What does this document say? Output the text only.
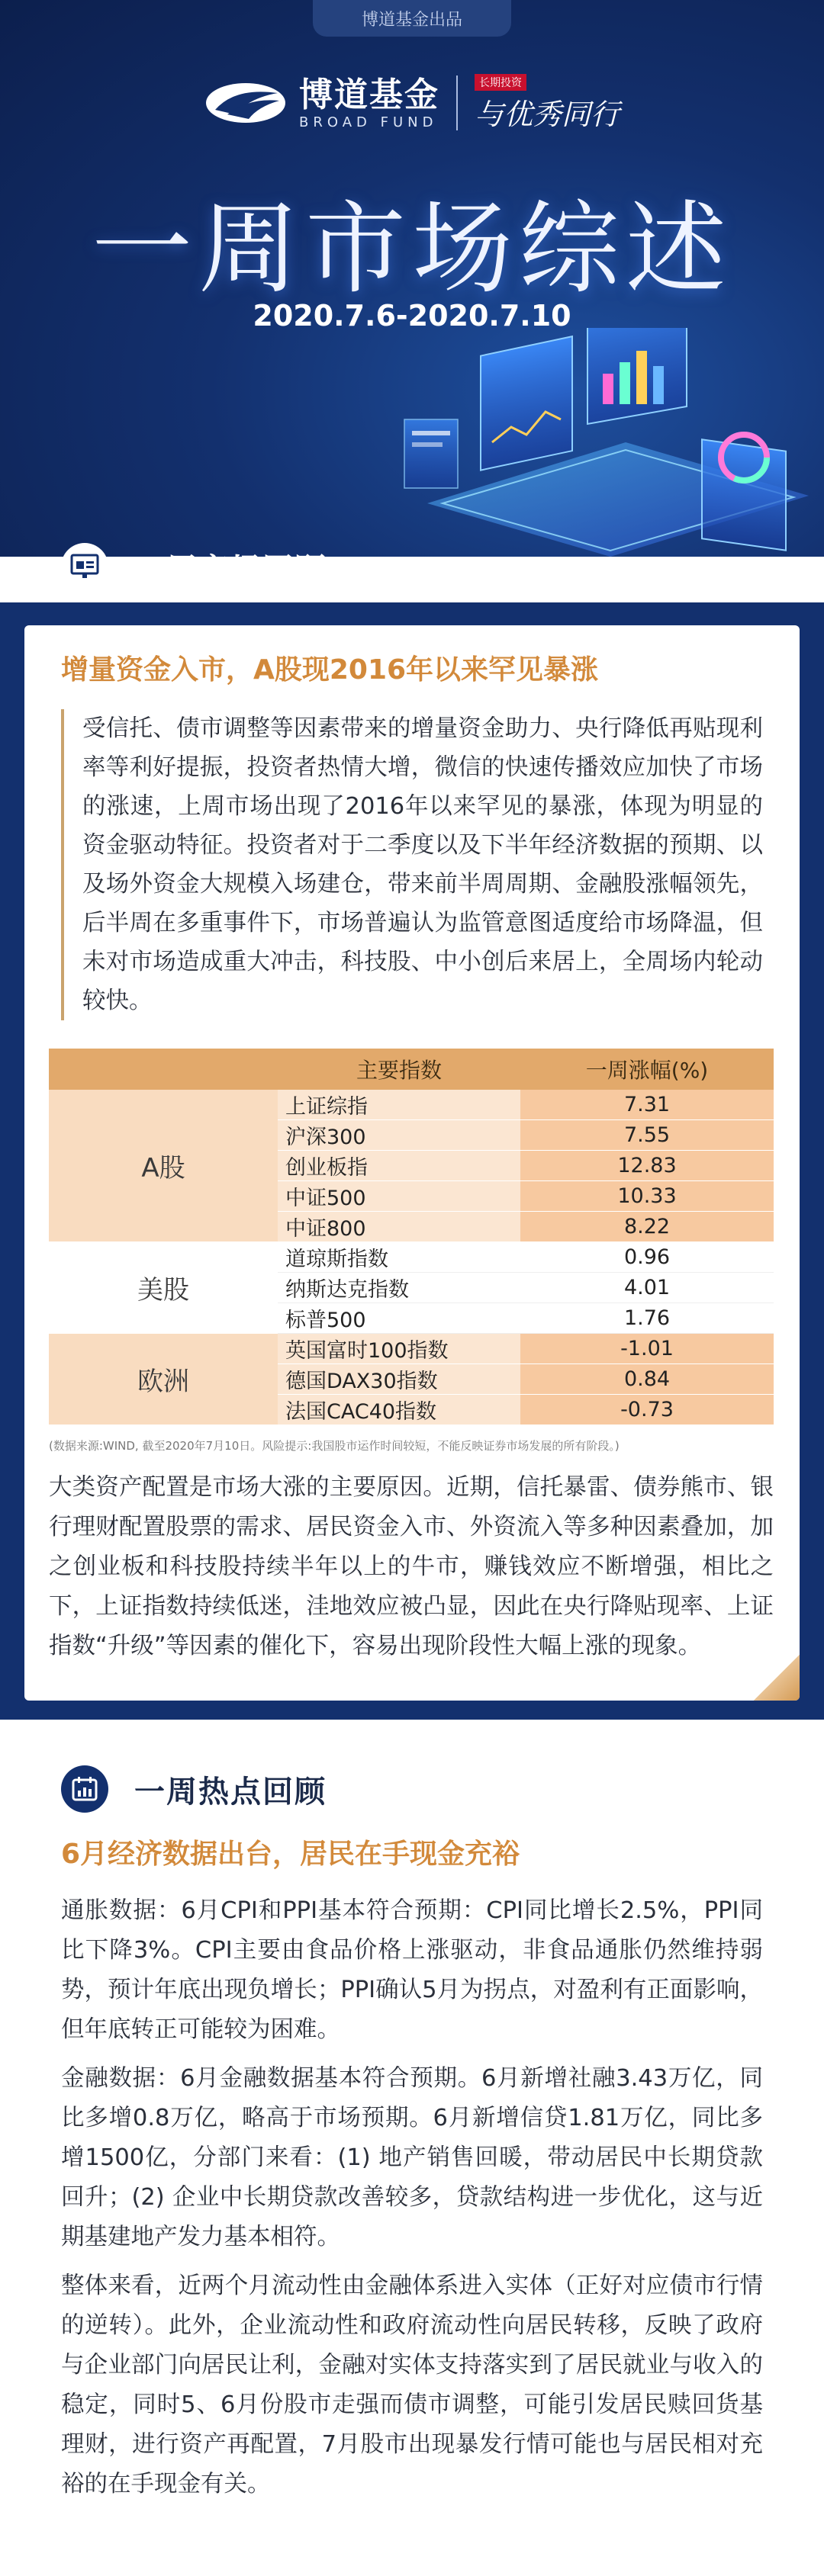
博道基金出品
博道基金
BROAD FUND
长期投资
与优秀同行
一周市场综述
2020.7.6-2020.7.10
一周市场回顾
增量资金入市，A股现2016年以来罕见暴涨
受信托、债市调整等因素带来的增量资金助力、央行降低再贴现利率等利好提振，投资者热情大增，微信的快速传播效应加快了市场的涨速，上周市场出现了2016年以来罕见的暴涨，体现为明显的资金驱动特征。投资者对于二季度以及下半年经济数据的预期、以及场外资金大规模入场建仓，带来前半周周期、金融股涨幅领先，后半周在多重事件下，市场普遍认为监管意图适度给市场降温，但未对市场造成重大冲击，科技股、中小创后来居上，全周场内轮动较快。
	主要指数	一周涨幅(%)
A股	上证综指	7.31
	沪深300	7.55
	创业板指	12.83
	中证500	10.33
	中证800	8.22
美股	道琼斯指数	0.96
	纳斯达克指数	4.01
	标普500	1.76
欧洲	英国富时100指数	-1.01
	德国DAX30指数	0.84
	法国CAC40指数	-0.73
(数据来源:WIND, 截至2020年7月10日。风险提示:我国股市运作时间较短，不能反映证券市场发展的所有阶段。)
大类资产配置是市场大涨的主要原因。近期，信托暴雷、债券熊市、银行理财配置股票的需求、居民资金入市、外资流入等多种因素叠加，加之创业板和科技股持续半年以上的牛市，赚钱效应不断增强，相比之下，上证指数持续低迷，洼地效应被凸显，因此在央行降贴现率、上证指数“升级”等因素的催化下，容易出现阶段性大幅上涨的现象。
一周热点回顾
6月经济数据出台，居民在手现金充裕
通胀数据：6月CPI和PPI基本符合预期：CPI同比增长2.5%，PPI同比下降3%。CPI主要由食品价格上涨驱动，非食品通胀仍然维持弱势，预计年底出现负增长；PPI确认5月为拐点，对盈利有正面影响，但年底转正可能较为困难。
金融数据：6月金融数据基本符合预期。6月新增社融3.43万亿，同比多增0.8万亿，略高于市场预期。6月新增信贷1.81万亿，同比多增1500亿，分部门来看：(1) 地产销售回暖，带动居民中长期贷款回升；(2) 企业中长期贷款改善较多，贷款结构进一步优化，这与近期基建地产发力基本相符。
整体来看，近两个月流动性由金融体系进入实体（正好对应债市行情的逆转）。此外，企业流动性和政府流动性向居民转移，反映了政府与企业部门向居民让利，金融对实体支持落实到了居民就业与收入的稳定，同时5、6月份股市走强而债市调整，可能引发居民赎回货基理财，进行资产再配置，7月股市出现暴发行情可能也与居民相对充裕的在手现金有关。
